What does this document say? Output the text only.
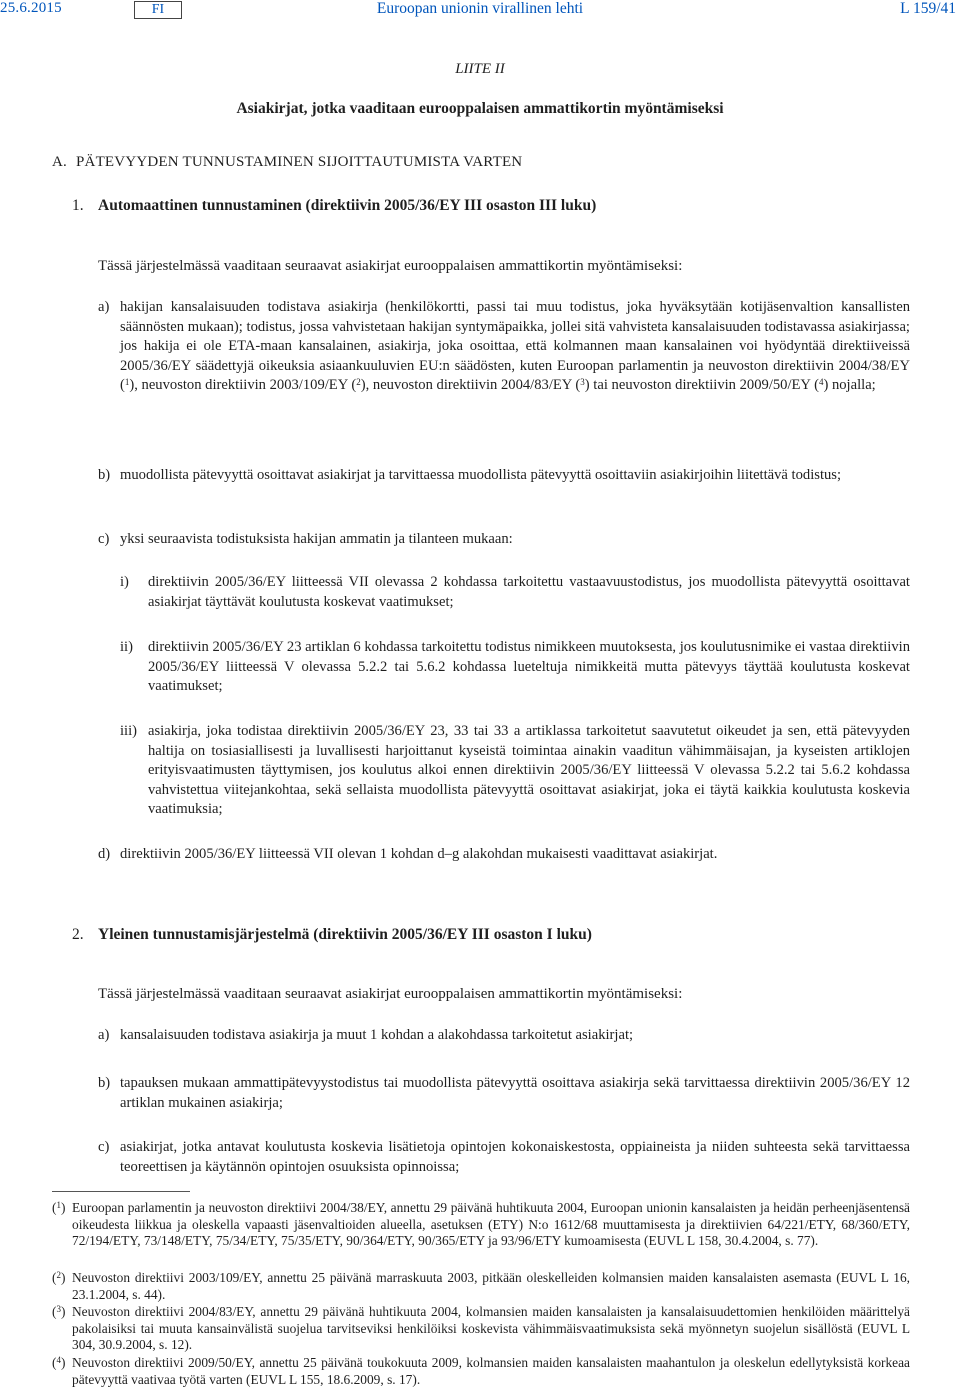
25.6.2015	FI	Euroopan unionin virallinen lehti	L 159/41
LIITE II
Asiakirjat, jotka vaaditaan eurooppalaisen ammattikortin myöntämiseksi
A. PÄTEVYYDEN TUNNUSTAMINEN SIJOITTAUTUMISTA VARTEN
1. Automaattinen tunnustaminen (direktiivin 2005/36/EY III osaston III luku)
Tässä järjestelmässä vaaditaan seuraavat asiakirjat eurooppalaisen ammattikortin myöntämiseksi:
a) hakijan kansalaisuuden todistava asiakirja (henkilökortti, passi tai muu todistus, joka hyväksytään kotijäsenvaltion kansallisten säännösten mukaan); todistus, jossa vahvistetaan hakijan syntymäpaikka, jollei sitä vahvisteta kansalaisuuden todistavassa asiakirjassa; jos hakija ei ole ETA-maan kansalainen, asiakirja, joka osoittaa, että kolmannen maan kansalainen voi hyödyntää direktiiveissä 2005/36/EY säädettyjä oikeuksia asiaankuuluvien EU:n säädösten, kuten Euroopan parlamentin ja neuvoston direktiivin 2004/38/EY ($^1$), neuvoston direktiivin 2003/109/EY ($^2$), neuvoston direktiivin 2004/83/EY ($^3$) tai neuvoston direktiivin 2009/50/EY ($^4$) nojalla;
b) muodollista pätevyyttä osoittavat asiakirjat ja tarvittaessa muodollista pätevyyttä osoittaviin asiakirjoihin liitettävä todistus;
c) yksi seuraavista todistuksista hakijan ammatin ja tilanteen mukaan:
i)	direktiivin 2005/36/EY liitteessä VII olevassa 2 kohdassa tarkoitettu vastaavuustodistus, jos muodollista pätevyyttä osoittavat asiakirjat täyttävät koulutusta koskevat vaatimukset;
ii)	direktiivin 2005/36/EY 23 artiklan 6 kohdassa tarkoitettu todistus nimikkeen muutoksesta, jos koulutusnimike ei vastaa direktiivin 2005/36/EY liitteessä V olevassa 5.2.2 tai 5.6.2 kohdassa lueteltuja nimikkeitä mutta pätevyys täyttää koulutusta koskevat vaatimukset;
iii) asiakirja, joka todistaa direktiivin 2005/36/EY 23, 33 tai 33 a artiklassa tarkoitetut saavutetut oikeudet ja sen, että pätevyyden haltija on tosiasiallisesti ja luvallisesti harjoittanut kyseistä toimintaa ainakin vaaditun vähimmäisajan, ja kyseisten artiklojen erityisvaatimusten täyttymisen, jos koulutus alkoi ennen direktiivin 2005/36/EY liitteessä V olevassa 5.2.2 tai 5.6.2 kohdassa vahvistettua viitejankohtaa, sekä sellaista muodollista pätevyyttä osoittavat asiakirjat, joka ei täytä kaikkia koulutusta koskevia vaatimuksia;
d) direktiivin 2005/36/EY liitteessä VII olevan 1 kohdan d–g alakohdan mukaisesti vaadittavat asiakirjat.
2. Yleinen tunnustamisjärjestelmä (direktiivin 2005/36/EY III osaston I luku)
Tässä järjestelmässä vaaditaan seuraavat asiakirjat eurooppalaisen ammattikortin myöntämiseksi:
a) kansalaisuuden todistava asiakirja ja muut 1 kohdan a alakohdassa tarkoitetut asiakirjat;
b) tapauksen mukaan ammattipätevyystodistus tai muodollista pätevyyttä osoittava asiakirja sekä tarvittaessa direktiivin 2005/36/EY 12 artiklan mukainen asiakirja;
c) asiakirjat, jotka antavat koulutusta koskevia lisätietoja opintojen kokonaiskestosta, oppiaineista ja niiden suhteesta sekä tarvittaessa teoreettisen ja käytännön opintojen osuuksista opinnoissa;
($^1$) Euroopan parlamentin ja neuvoston direktiivi 2004/38/EY, annettu 29 päivänä huhtikuuta 2004, Euroopan unionin kansalaisten ja heidän perheenjäsentensä oikeudesta liikkua ja oleskella vapaasti jäsenvaltioiden alueella, asetuksen (ETY) N:o 1612/68 muuttamisesta ja direktiivien 64/221/ETY, 68/360/ETY, 72/194/ETY, 73/148/ETY, 75/34/ETY, 75/35/ETY, 90/364/ETY, 90/365/ETY ja 93/96/ETY kumoamisesta (EUVL L 158, 30.4.2004, s. 77).
($^2$) Neuvoston direktiivi 2003/109/EY, annettu 25 päivänä marraskuuta 2003, pitkään oleskelleiden kolmansien maiden kansalaisten asemasta (EUVL L 16, 23.1.2004, s. 44).
($^3$) Neuvoston direktiivi 2004/83/EY, annettu 29 päivänä huhtikuuta 2004, kolmansien maiden kansalaisten ja kansalaisuudettomien henkilöiden määrittelyä pakolaisiksi tai muuta kansainvälistä suojelua tarvitseviksi henkilöiksi koskevista vähimmäisvaatimuksista sekä myönnetyn suojelun sisällöstä (EUVL L 304, 30.9.2004, s. 12).
($^4$) Neuvoston direktiivi 2009/50/EY, annettu 25 päivänä toukokuuta 2009, kolmansien maiden kansalaisten maahantulon ja oleskelun edellytyksistä korkeaa pätevyyttä vaativaa työtä varten (EUVL L 155, 18.6.2009, s. 17).
